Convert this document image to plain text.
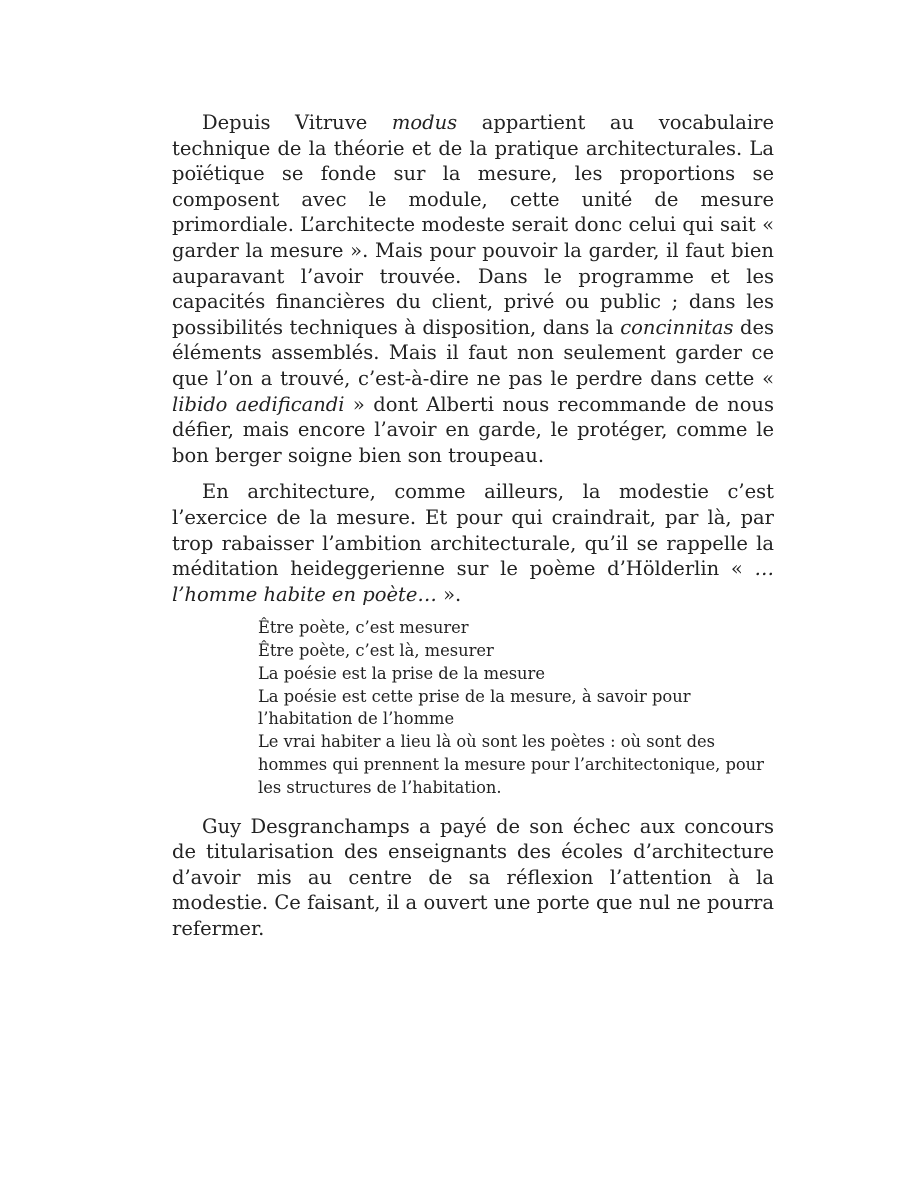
Depuis Vitruve modus appartient au vocabulaire technique de la théorie et de la pratique architecturales. La poïétique se fonde sur la mesure, les proportions se composent avec le module, cette unité de mesure primordiale. L’architecte modeste serait donc celui qui sait « garder la mesure ». Mais pour pouvoir la garder, il faut bien auparavant l’avoir trouvée. Dans le programme et les capacités financières du client, privé ou public ; dans les possibilités techniques à disposition, dans la concinnitas des éléments assemblés. Mais il faut non seulement garder ce que l’on a trouvé, c’est-à-dire ne pas le perdre dans cette « libido aedificandi » dont Alberti nous recommande de nous défier, mais encore l’avoir en garde, le protéger, comme le bon berger soigne bien son troupeau.

En architecture, comme ailleurs, la modestie c’est l’exercice de la mesure. Et pour qui craindrait, par là, par trop rabaisser l’ambition architecturale, qu’il se rappelle la méditation heideggerienne sur le poème d’Hölderlin « … l’homme habite en poète… ».

Être poète, c’est mesurer
Être poète, c’est là, mesurer
La poésie est la prise de la mesure
La poésie est cette prise de la mesure, à savoir pour l’habitation de l’homme
Le vrai habiter a lieu là où sont les poètes : où sont des hommes qui prennent la mesure pour l’architectonique, pour les structures de l’habitation.

Guy Desgranchamps a payé de son échec aux concours de titularisation des enseignants des écoles d’architecture d’avoir mis au centre de sa réflexion l’attention à la modestie. Ce faisant, il a ouvert une porte que nul ne pourra refermer.
